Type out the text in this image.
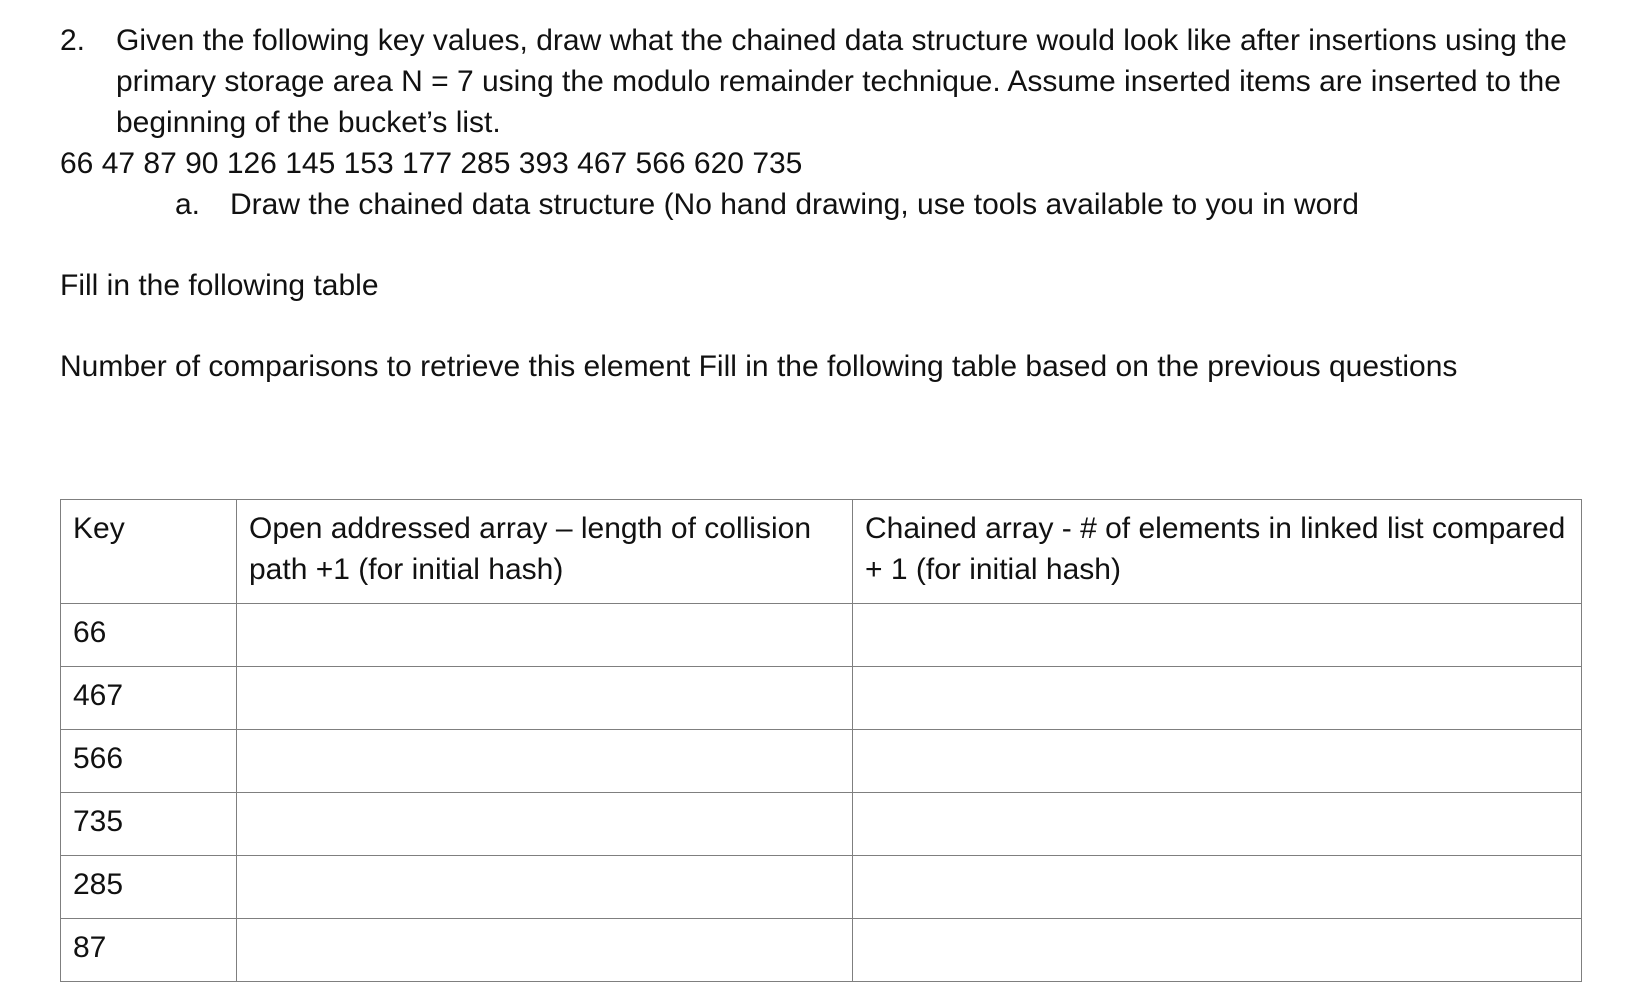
2.	Given the following key values, draw what the chained data structure would look like after insertions using the primary storage area N = 7 using the modulo remainder technique. Assume inserted items are inserted to the beginning of the bucket’s list.
66 47 87 90 126 145 153 177 285 393 467 566 620 735
a. Draw the chained data structure (No hand drawing, use tools available to you in word
Fill in the following table
Number of comparisons to retrieve this element Fill in the following table based on the previous questions
Key	Open addressed array – length of collision path +1 (for initial hash)	Chained array - # of elements in linked list compared + 1 (for initial hash)
66		
467		
566		
735		
285		
87		
